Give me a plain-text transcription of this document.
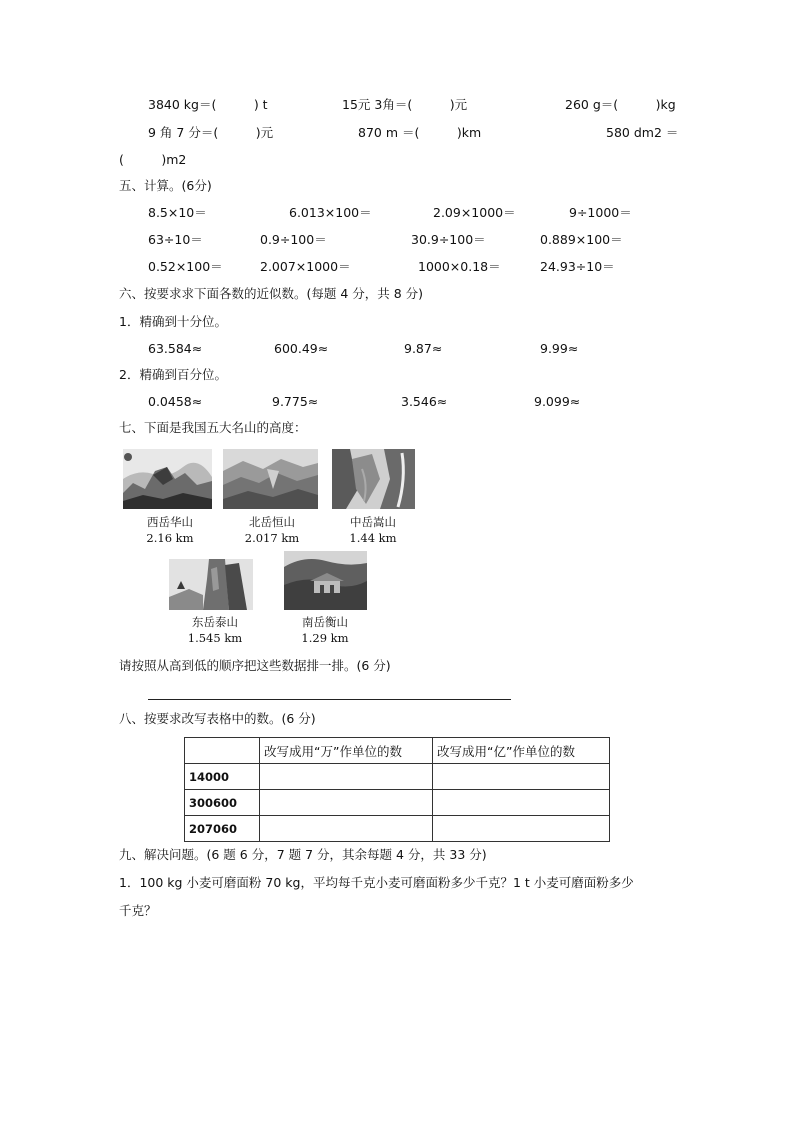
3840 kg＝(　　　) t	15元 3角＝(　　　)元	260 g＝(　　　)kg
9 角 7 分＝(　　　)元	870 m ＝(　　　)km	580 dm2 ＝
(　　　)m2
五、计算。(6分)
8.5×10＝	6.013×100＝	2.09×1000＝	9÷1000＝
63÷10＝	0.9÷100＝	30.9÷100＝	0.889×100＝
0.52×100＝	2.007×1000＝	1000×0.18＝	24.93÷10＝
六、按要求求下面各数的近似数。(每题 4 分，共 8 分)
1．精确到十分位。
63.584≈	600.49≈	9.87≈	9.99≈
2．精确到百分位。
0.0458≈	9.775≈	3.546≈	9.099≈
七、下面是我国五大名山的高度：
西岳华山
2.16 km
北岳恒山
2.017 km
中岳嵩山
1.44 km
东岳泰山
1.545 km
南岳衡山
1.29 km
请按照从高到低的顺序把这些数据排一排。(6 分)
八、按要求改写表格中的数。(6 分)
	改写成用“万”作单位的数	改写成用“亿”作单位的数
14000		
300600		
207060		
九、解决问题。(6 题 6 分，7 题 7 分，其余每题 4 分，共 33 分)
1．100 kg 小麦可磨面粉 70 kg，平均每千克小麦可磨面粉多少千克？1 t 小麦可磨面粉多少
千克？
